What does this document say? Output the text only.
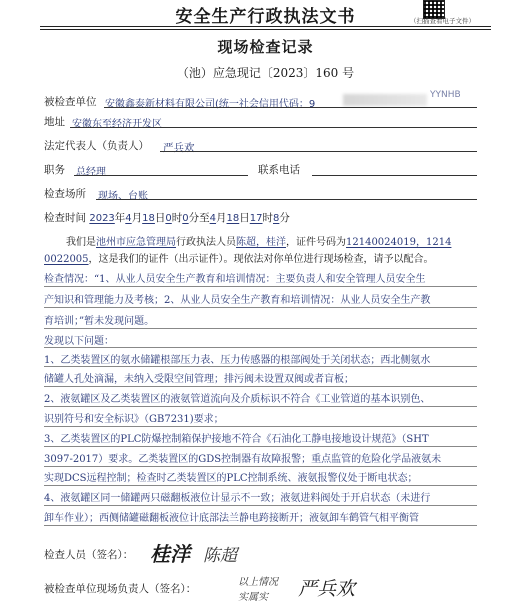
安全生产行政执法文书	（扫描查看电子文件）
现场检查记录
（池）应急现记〔2023〕160 号
被检查单位 安徽鑫泰新材料有限公司(统一社会信用代码：9
YYNHB
地址 安徽东至经济开发区
法定代表人（负责人） 严兵欢
职务 总经理	联系电话
检查场所 现场、台账
检查时间 2023年4月18日0时0分至4月18日17时8分
我们是池州市应急管理局行政执法人员陈超，桂洋，证件号码为12140024019，1214
0022005，这是我们的证件（出示证件）。现依法对你单位进行现场检查，请予以配合。
检查情况：“1、从业人员安全生产教育和培训情况：主要负责人和安全管理人员安全生
产知识和管理能力及考核；2、从业人员安全生产教育和培训情况：从业人员安全生产教
育培训；”暂未发现问题。
发现以下问题：
1、乙类装置区的氨水储罐根部压力表、压力传感器的根部阀处于关闭状态；西北侧氨水
储罐人孔处滴漏，未纳入受限空间管理；排污阀未设置双阀或者盲板；
2、液氨罐区及乙类装置区的液氨管道流向及介质标识不符合《工业管道的基本识别色、
识别符号和安全标识》（GB7231)要求；
3、乙类装置区的PLC防爆控制箱保护接地不符合《石油化工静电接地设计规范》（SHT
3097-2017）要求。乙类装置区的GDS控制器有故障报警；重点监管的危险化学品液氨未
实现DCS远程控制；检查时乙类装置区的PLC控制系统、液氨报警仪处于断电状态；
4、液氨罐区同一储罐两只磁翻板液位计显示不一致；液氨进料阀处于开启状态（未进行
卸车作业）；西侧储罐磁翻板液位计底部法兰静电跨接断开；液氨卸车鹤管气相平衡管
检查人员（签名）： 桂洋 陈超
被检查单位现场负责人（签名）：
以上情况
实属实 严兵欢
